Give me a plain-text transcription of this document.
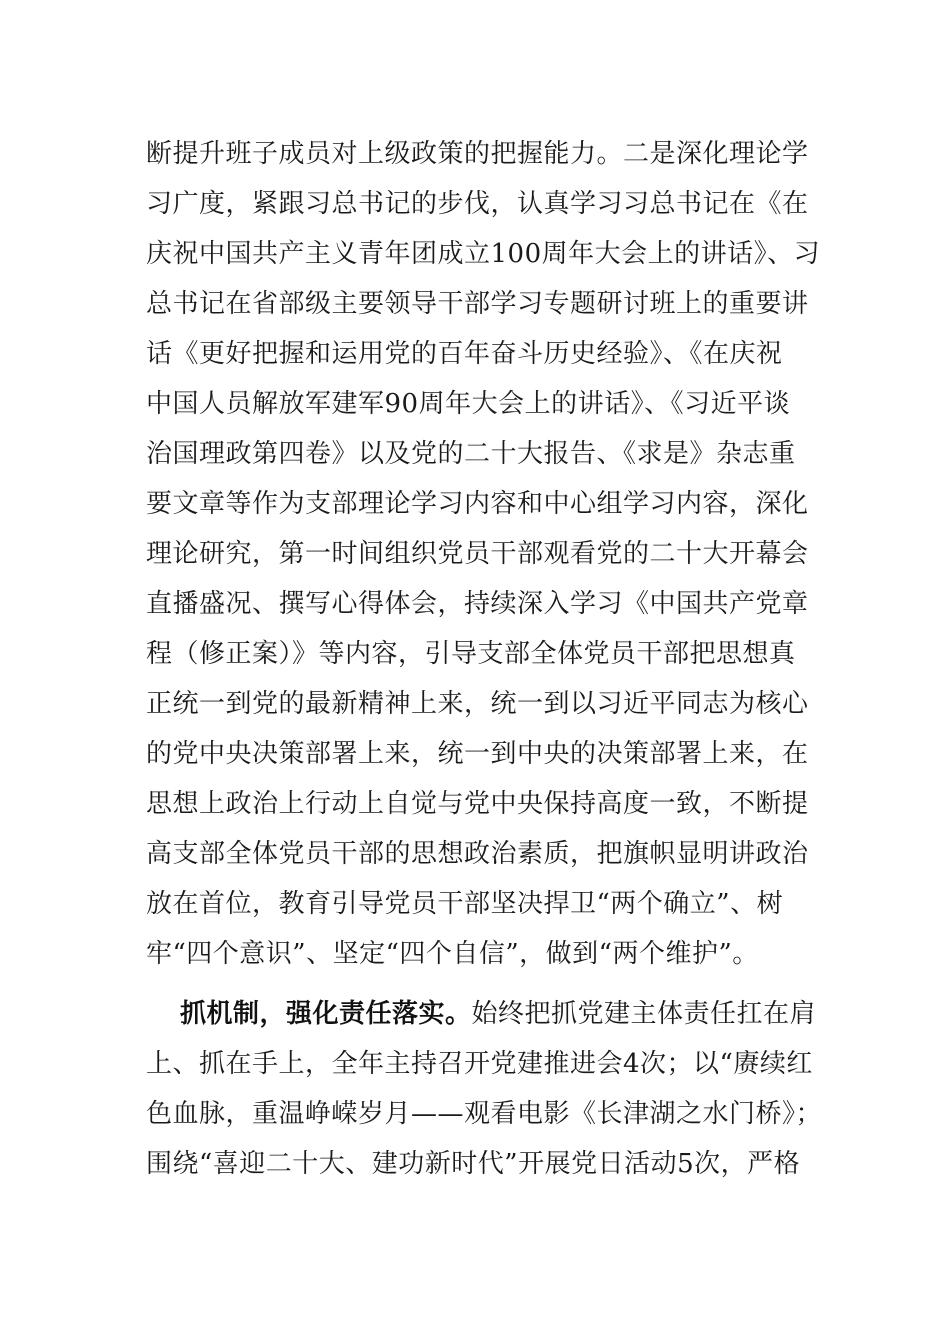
断提升班子成员对上级政策的把握能力。二是深化理论学
习广度，紧跟习总书记的步伐，认真学习习总书记在《在
庆祝中国共产主义青年团成立100周年大会上的讲话》、习
总书记在省部级主要领导干部学习专题研讨班上的重要讲
话《更好把握和运用党的百年奋斗历史经验》、《在庆祝
中国人员解放军建军90周年大会上的讲话》、《习近平谈
治国理政第四卷》以及党的二十大报告、《求是》杂志重
要文章等作为支部理论学习内容和中心组学习内容，深化
理论研究，第一时间组织党员干部观看党的二十大开幕会
直播盛况、撰写心得体会，持续深入学习《中国共产党章
程（修正案）》等内容，引导支部全体党员干部把思想真
正统一到党的最新精神上来，统一到以习近平同志为核心
的党中央决策部署上来，统一到中央的决策部署上来，在
思想上政治上行动上自觉与党中央保持高度一致，不断提
高支部全体党员干部的思想政治素质，把旗帜显明讲政治
放在首位，教育引导党员干部坚决捍卫“两个确立”、树
牢“四个意识”、坚定“四个自信”，做到“两个维护”。
抓机制，强化责任落实。始终把抓党建主体责任扛在肩
上、抓在手上，全年主持召开党建推进会4次；以“赓续红
色血脉，重温峥嵘岁月——观看电影《长津湖之水门桥》；
围绕“喜迎二十大、建功新时代”开展党日活动5次，严格
